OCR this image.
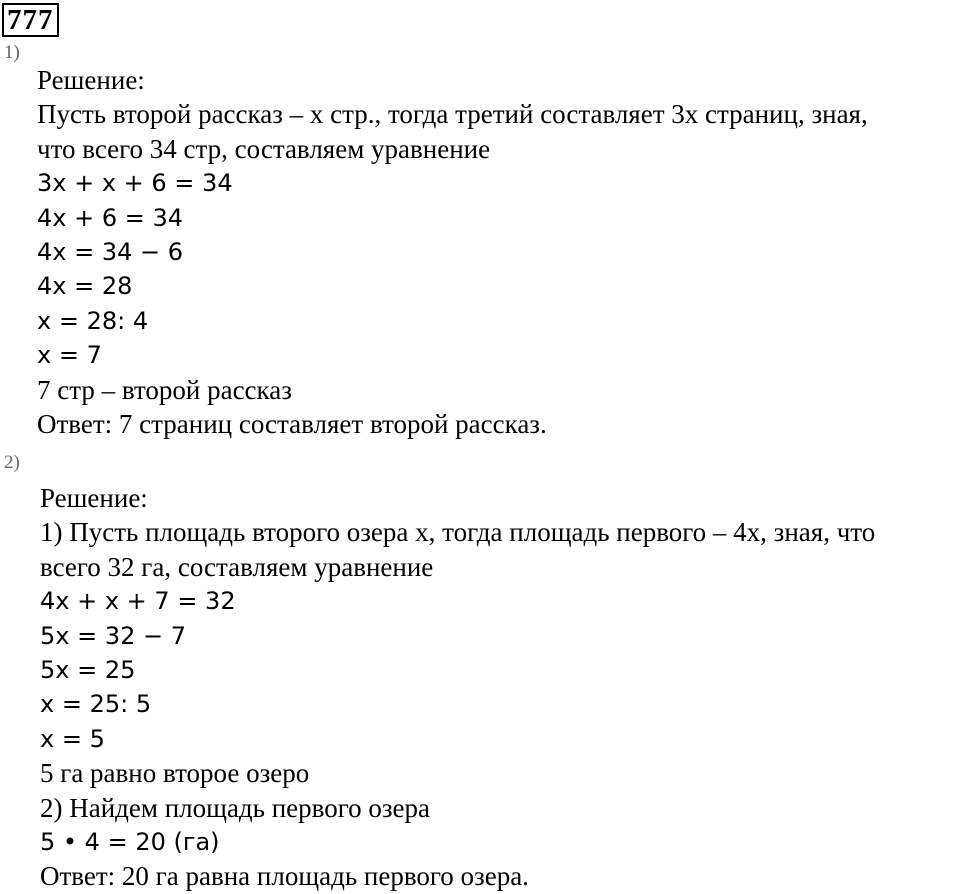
777
1)
Решение:
Пусть второй рассказ – x стр., тогда третий составляет 3x страниц, зная,
что всего 34 стр, составляем уравнение
3x + x + 6 = 34
4x + 6 = 34
4x = 34 − 6
4x = 28
x = 28: 4
x = 7
7 стр – второй рассказ
Ответ: 7 страниц составляет второй рассказ.
2)
Решение:
1) Пусть площадь второго озера x, тогда площадь первого – 4x, зная, что
всего 32 га, составляем уравнение
4x + x + 7 = 32
5x = 32 − 7
5x = 25
x = 25: 5
x = 5
5 га равно второе озеро
2) Найдем площадь первого озера
5 • 4 = 20 (га)
Ответ: 20 га равна площадь первого озера.
